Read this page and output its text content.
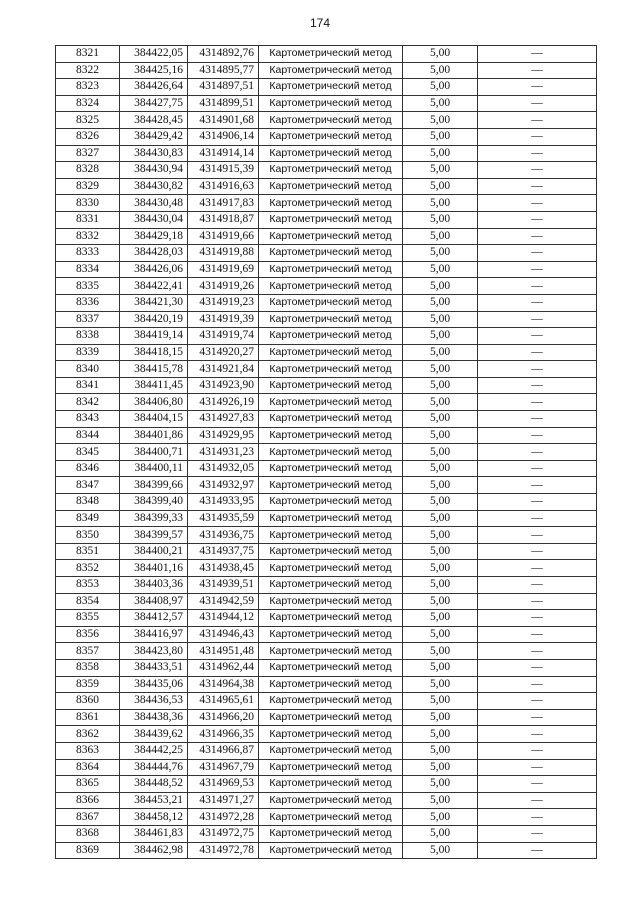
174
8321	384422,05	4314892,76	Картометрический метод	5,00	—
8322	384425,16	4314895,77	Картометрический метод	5,00	—
8323	384426,64	4314897,51	Картометрический метод	5,00	—
8324	384427,75	4314899,51	Картометрический метод	5,00	—
8325	384428,45	4314901,68	Картометрический метод	5,00	—
8326	384429,42	4314906,14	Картометрический метод	5,00	—
8327	384430,83	4314914,14	Картометрический метод	5,00	—
8328	384430,94	4314915,39	Картометрический метод	5,00	—
8329	384430,82	4314916,63	Картометрический метод	5,00	—
8330	384430,48	4314917,83	Картометрический метод	5,00	—
8331	384430,04	4314918,87	Картометрический метод	5,00	—
8332	384429,18	4314919,66	Картометрический метод	5,00	—
8333	384428,03	4314919,88	Картометрический метод	5,00	—
8334	384426,06	4314919,69	Картометрический метод	5,00	—
8335	384422,41	4314919,26	Картометрический метод	5,00	—
8336	384421,30	4314919,23	Картометрический метод	5,00	—
8337	384420,19	4314919,39	Картометрический метод	5,00	—
8338	384419,14	4314919,74	Картометрический метод	5,00	—
8339	384418,15	4314920,27	Картометрический метод	5,00	—
8340	384415,78	4314921,84	Картометрический метод	5,00	—
8341	384411,45	4314923,90	Картометрический метод	5,00	—
8342	384406,80	4314926,19	Картометрический метод	5,00	—
8343	384404,15	4314927,83	Картометрический метод	5,00	—
8344	384401,86	4314929,95	Картометрический метод	5,00	—
8345	384400,71	4314931,23	Картометрический метод	5,00	—
8346	384400,11	4314932,05	Картометрический метод	5,00	—
8347	384399,66	4314932,97	Картометрический метод	5,00	—
8348	384399,40	4314933,95	Картометрический метод	5,00	—
8349	384399,33	4314935,59	Картометрический метод	5,00	—
8350	384399,57	4314936,75	Картометрический метод	5,00	—
8351	384400,21	4314937,75	Картометрический метод	5,00	—
8352	384401,16	4314938,45	Картометрический метод	5,00	—
8353	384403,36	4314939,51	Картометрический метод	5,00	—
8354	384408,97	4314942,59	Картометрический метод	5,00	—
8355	384412,57	4314944,12	Картометрический метод	5,00	—
8356	384416,97	4314946,43	Картометрический метод	5,00	—
8357	384423,80	4314951,48	Картометрический метод	5,00	—
8358	384433,51	4314962,44	Картометрический метод	5,00	—
8359	384435,06	4314964,38	Картометрический метод	5,00	—
8360	384436,53	4314965,61	Картометрический метод	5,00	—
8361	384438,36	4314966,20	Картометрический метод	5,00	—
8362	384439,62	4314966,35	Картометрический метод	5,00	—
8363	384442,25	4314966,87	Картометрический метод	5,00	—
8364	384444,76	4314967,79	Картометрический метод	5,00	—
8365	384448,52	4314969,53	Картометрический метод	5,00	—
8366	384453,21	4314971,27	Картометрический метод	5,00	—
8367	384458,12	4314972,28	Картометрический метод	5,00	—
8368	384461,83	4314972,75	Картометрический метод	5,00	—
8369	384462,98	4314972,78	Картометрический метод	5,00	—
